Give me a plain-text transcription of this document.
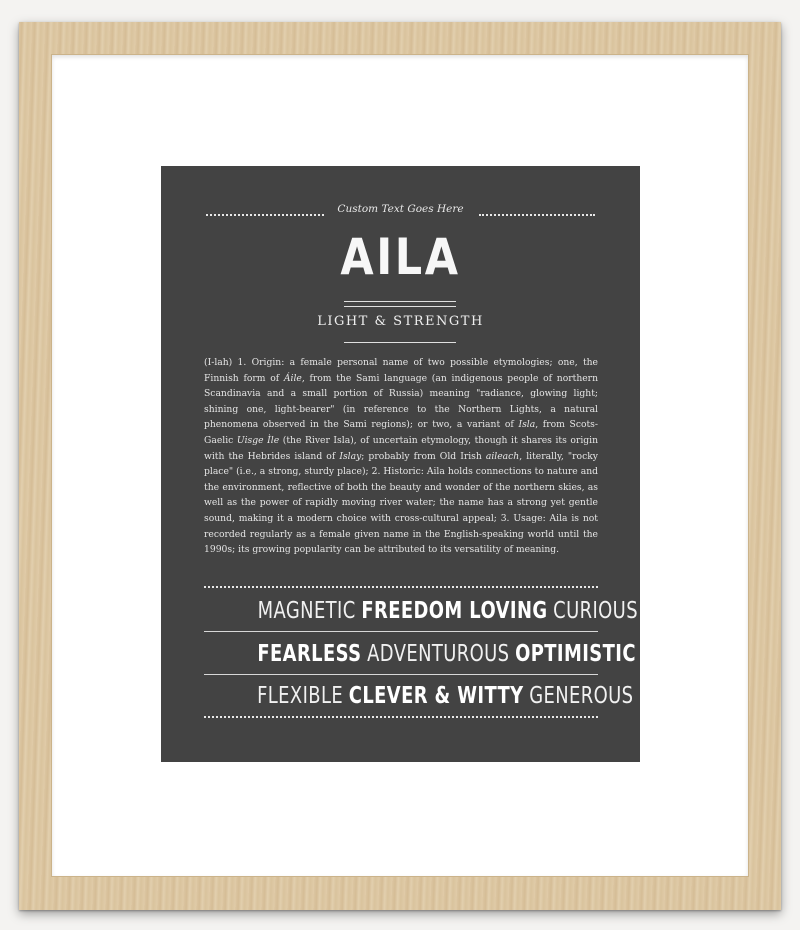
Custom Text Goes Here
AILA
LIGHT & STRENGTH
(I-lah) 1. Origin: a female personal name of two possible etymologies; one, the Finnish form of Áile, from the Sami language (an indigenous people of northern Scandinavia and a small portion of Russia) meaning "radiance, glowing light; shining one, light-bearer" (in reference to the Northern Lights, a natural phenomena observed in the Sami regions); or two, a variant of Isla, from Scots-Gaelic Uisge Ìle (the River Isla), of uncertain etymology, though it shares its origin with the Hebrides island of Islay; probably from Old Irish aileach, literally, "rocky place" (i.e., a strong, sturdy place); 2. Historic: Aila holds connections to nature and the environment, reflective of both the beauty and wonder of the northern skies, as well as the power of rapidly moving river water; the name has a strong yet gentle sound, making it a modern choice with cross-cultural appeal; 3. Usage: Aila is not recorded regularly as a female given name in the English-speaking world until the 1990s; its growing popularity can be attributed to its versatility of meaning.
MAGNETIC FREEDOM LOVING CURIOUS
FEARLESS ADVENTUROUS OPTIMISTIC
FLEXIBLE CLEVER & WITTY GENEROUS
